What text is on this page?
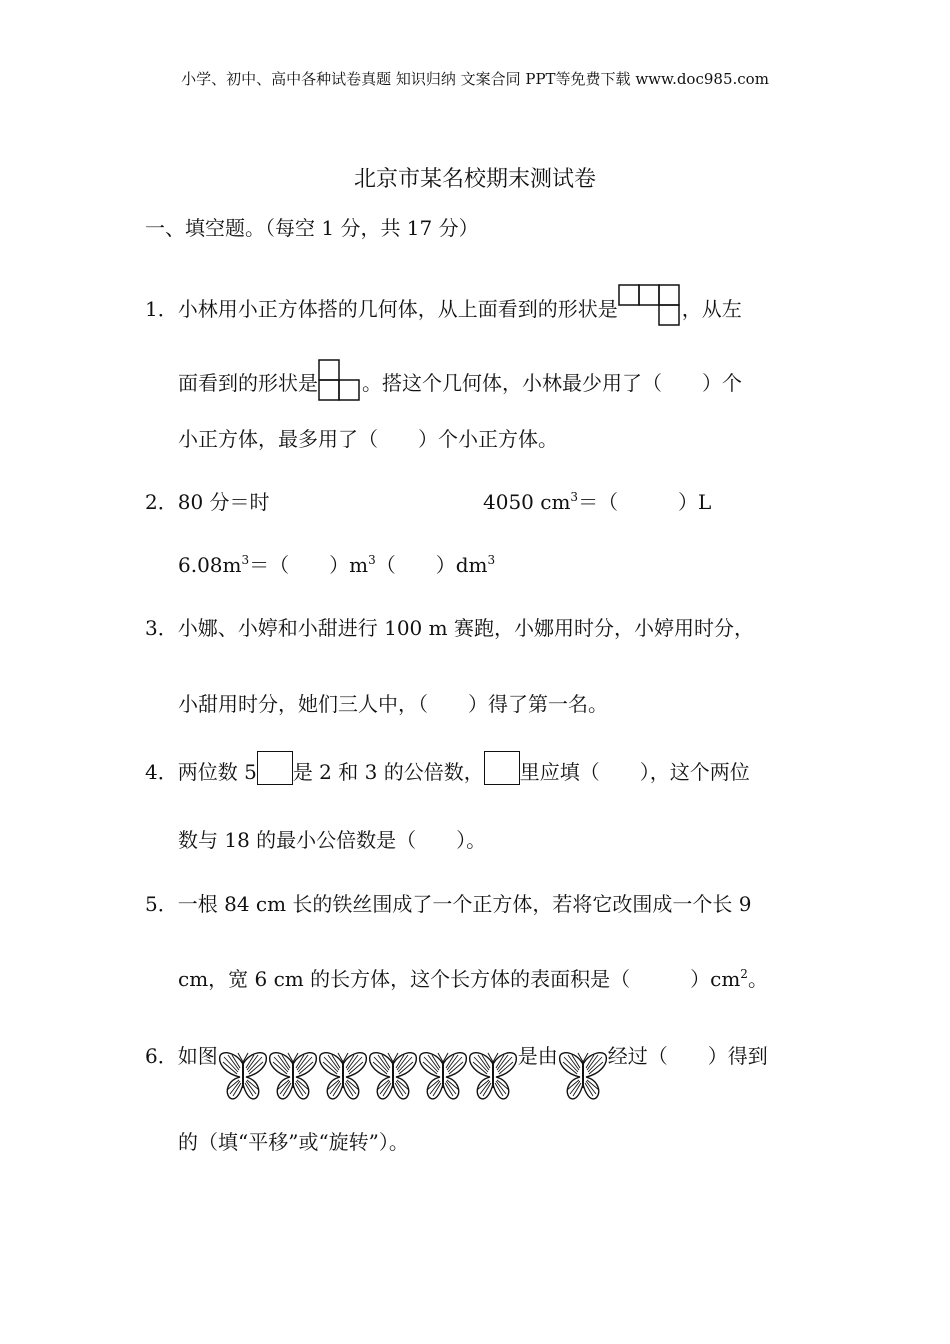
小学、初中、高中各种试卷真题 知识归纳 文案合同 PPT等免费下载 www.doc985.com
北京市某名校期末测试卷
一、填空题。（每空 1 分，共 17 分）
1．小林用小正方体搭的几何体，从上面看到的形状是	，从左
面看到的形状是 。搭这个几何体，小林最少用了（　　）个
小正方体，最多用了（　　）个小正方体。
2．80 分＝时	4050 $cm^3=$（　　　）L
$6.08m^3=$（　　）$m^3$（　　）$dm^3$
3．小娜、小婷和小甜进行 100 m 赛跑，小娜用时分，小婷用时分，
小甜用时分，她们三人中，（　　）得了第一名。
4．两位数 5 是 2 和 3 的公倍数， 里应填（　　），这个两位
数与 18 的最小公倍数是（　　）。
5．一根 84 cm 长的铁丝围成了一个正方体，若将它改围成一个长 9
cm，宽 6 cm 的长方体，这个长方体的表面积是（　　　）$cm^2$。
6．如图	是由	经过（　　）得到
的（填“平移”或“旋转”）。
